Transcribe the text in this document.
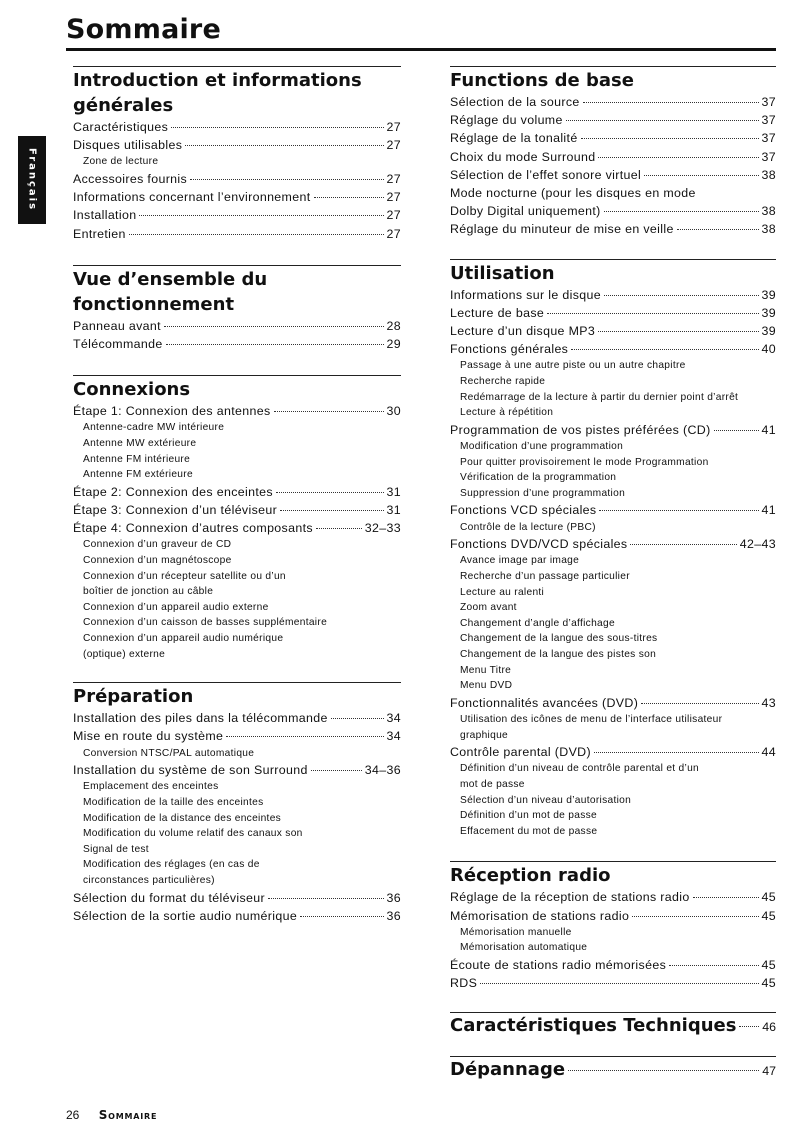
Sommaire
Français
Introduction et informations générales
Caractéristiques	27
Disques utilisables	27
Zone de lecture
Accessoires fournis	27
Informations concernant l’environnement	27
Installation	27
Entretien	27
Vue d’ensemble du fonctionnement
Panneau avant	28
Télécommande	29
Connexions
Étape 1: Connexion des antennes	30
Antenne-cadre MW intérieure
Antenne MW extérieure
Antenne FM intérieure
Antenne FM extérieure
Étape 2: Connexion des enceintes	31
Étape 3: Connexion d’un téléviseur	31
Étape 4: Connexion d’autres composants	32–33
Connexion d’un graveur de CD
Connexion d’un magnétoscope
Connexion d’un récepteur satellite ou d’un
boîtier de jonction au câble
Connexion d’un appareil audio externe
Connexion d’un caisson de basses supplémentaire
Connexion d’un appareil audio numérique
(optique) externe
Préparation
Installation des piles dans la télécommande	34
Mise en route du système	34
Conversion NTSC/PAL automatique
Installation du système de son Surround	34–36
Emplacement des enceintes
Modification de la taille des enceintes
Modification de la distance des enceintes
Modification du volume relatif des canaux son
Signal de test
Modification des réglages (en cas de
circonstances particulières)
Sélection du format du téléviseur	36
Sélection de la sortie audio numérique	36
Functions de base
Sélection de la source	37
Réglage du volume	37
Réglage de la tonalité	37
Choix du mode Surround	37
Sélection de l’effet sonore virtuel	38
Mode nocturne (pour les disques en mode
Dolby Digital uniquement)	38
Réglage du minuteur de mise en veille	38
Utilisation
Informations sur le disque	39
Lecture de base	39
Lecture d’un disque MP3	39
Fonctions générales	40
Passage à une autre piste ou un autre chapitre
Recherche rapide
Redémarrage de la lecture à partir du dernier point d’arrêt
Lecture à répétition
Programmation de vos pistes préférées (CD)	41
Modification d’une programmation
Pour quitter provisoirement le mode Programmation
Vérification de la programmation
Suppression d’une programmation
Fonctions VCD spéciales	41
Contrôle de la lecture (PBC)
Fonctions DVD/VCD spéciales	42–43
Avance image par image
Recherche d’un passage particulier
Lecture au ralenti
Zoom avant
Changement d’angle d’affichage
Changement de la langue des sous-titres
Changement de la langue des pistes son
Menu Titre
Menu DVD
Fonctionnalités avancées (DVD)	43
Utilisation des icônes de menu de l’interface utilisateur
graphique
Contrôle parental (DVD)	44
Définition d’un niveau de contrôle parental et d’un
mot de passe
Sélection d’un niveau d’autorisation
Définition d’un mot de passe
Effacement du mot de passe
Réception radio
Réglage de la réception de stations radio	45
Mémorisation de stations radio	45
Mémorisation manuelle
Mémorisation automatique
Écoute de stations radio mémorisées	45
RDS	45
Caractéristiques Techniques 46
Dépannage	47
26 Sommaire
